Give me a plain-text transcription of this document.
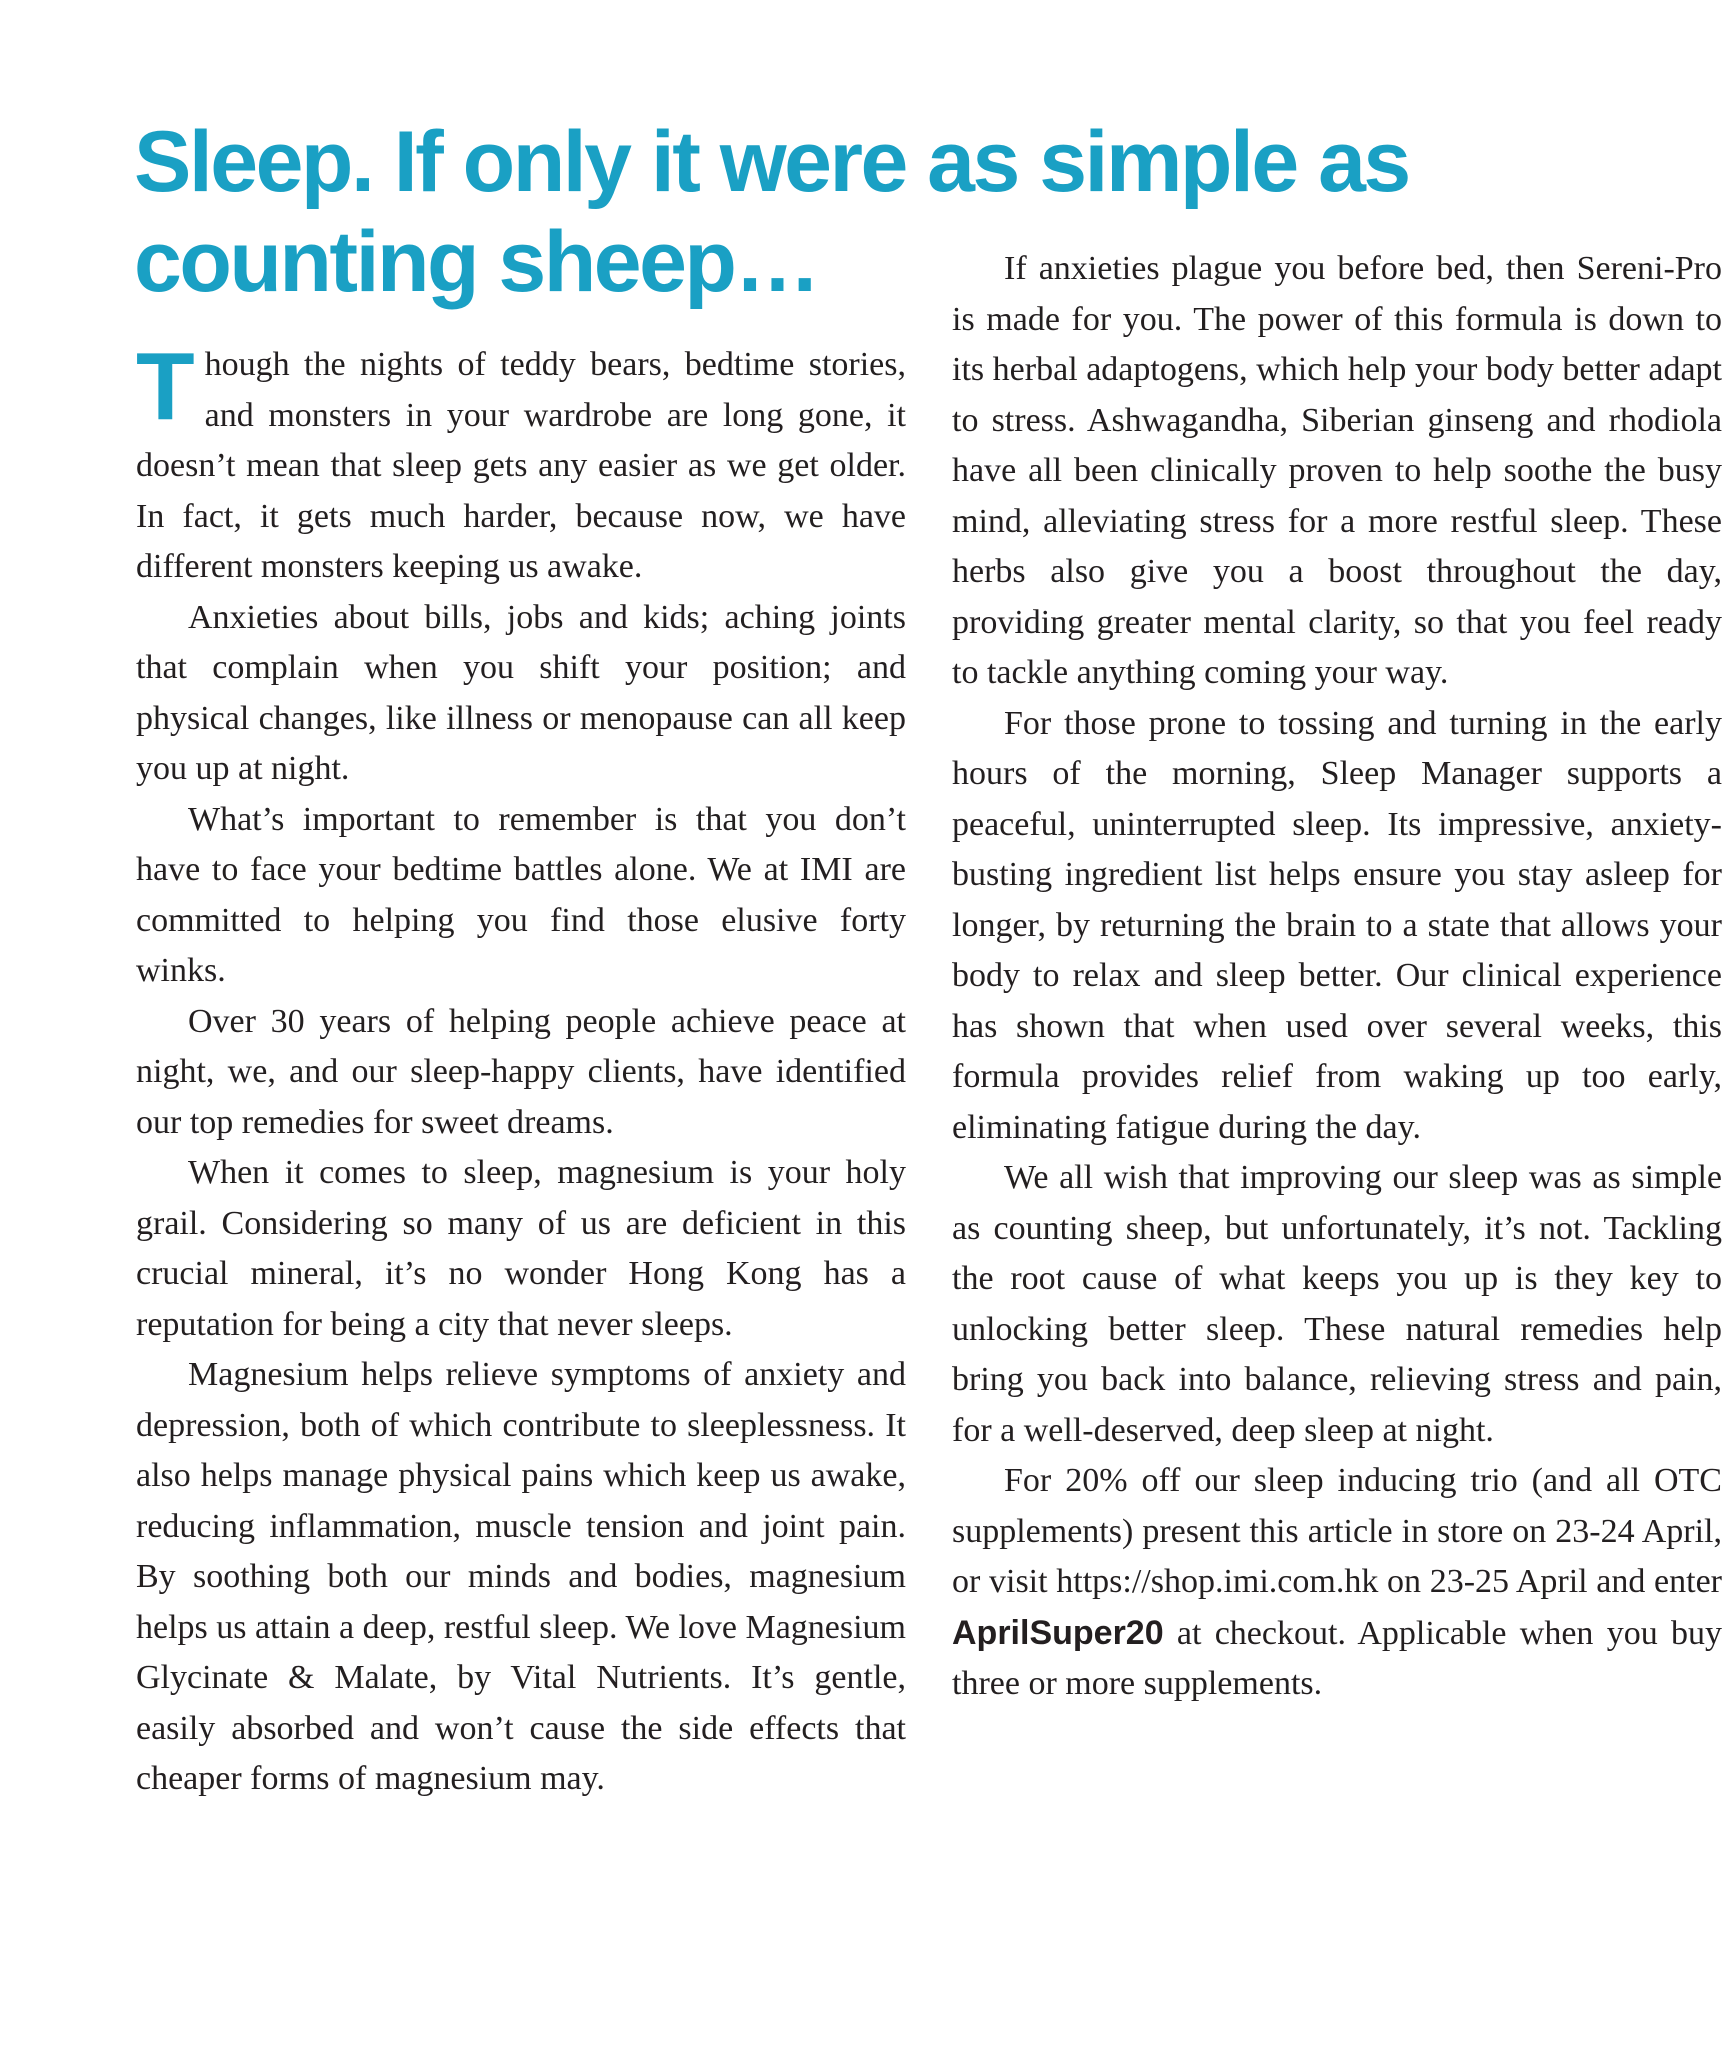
Sleep. If only it were as simple as
counting sheep…

Though the nights of teddy bears, bedtime stories, and monsters in your wardrobe are long gone, it doesn’t mean that sleep gets any easier as we get older. In fact, it gets much harder, because now, we have different monsters keeping us awake.

Anxieties about bills, jobs and kids; aching joints that complain when you shift your position; and physical changes, like illness or menopause can all keep you up at night.

What’s important to remember is that you don’t have to face your bedtime battles alone. We at IMI are committed to helping you find those elusive forty winks.

Over 30 years of helping people achieve peace at night, we, and our sleep-happy clients, have identified our top remedies for sweet dreams.

When it comes to sleep, magnesium is your holy grail. Considering so many of us are deficient in this crucial mineral, it’s no wonder Hong Kong has a reputation for being a city that never sleeps.

Magnesium helps relieve symptoms of anxiety and depression, both of which contribute to sleeplessness. It also helps manage physical pains which keep us awake, reducing inflammation, muscle tension and joint pain. By soothing both our minds and bodies, magnesium helps us attain a deep, restful sleep. We love Magnesium Glycinate & Malate, by Vital Nutrients. It’s gentle, easily absorbed and won’t cause the side effects that cheaper forms of magnesium may.

If anxieties plague you before bed, then Sereni-Pro is made for you. The power of this formula is down to its herbal adaptogens, which help your body better adapt to stress. Ashwagandha, Siberian ginseng and rhodiola have all been clinically proven to help soothe the busy mind, alleviating stress for a more restful sleep. These herbs also give you a boost throughout the day, providing greater mental clarity, so that you feel ready to tackle anything coming your way.

For those prone to tossing and turning in the early hours of the morning, Sleep Manager supports a peaceful, uninterrupted sleep. Its impressive, anxiety-busting ingredient list helps ensure you stay asleep for longer, by returning the brain to a state that allows your body to relax and sleep better. Our clinical experience has shown that when used over several weeks, this formula provides relief from waking up too early, eliminating fatigue during the day.

We all wish that improving our sleep was as simple as counting sheep, but unfortunately, it’s not. Tackling the root cause of what keeps you up is they key to unlocking better sleep. These natural remedies help bring you back into balance, relieving stress and pain, for a well-deserved, deep sleep at night.

For 20% off our sleep inducing trio (and all OTC supplements) present this article in store on 23-24 April, or visit https://shop.imi.com.hk on 23-25 April and enter AprilSuper20 at checkout. Applicable when you buy three or more supplements.
